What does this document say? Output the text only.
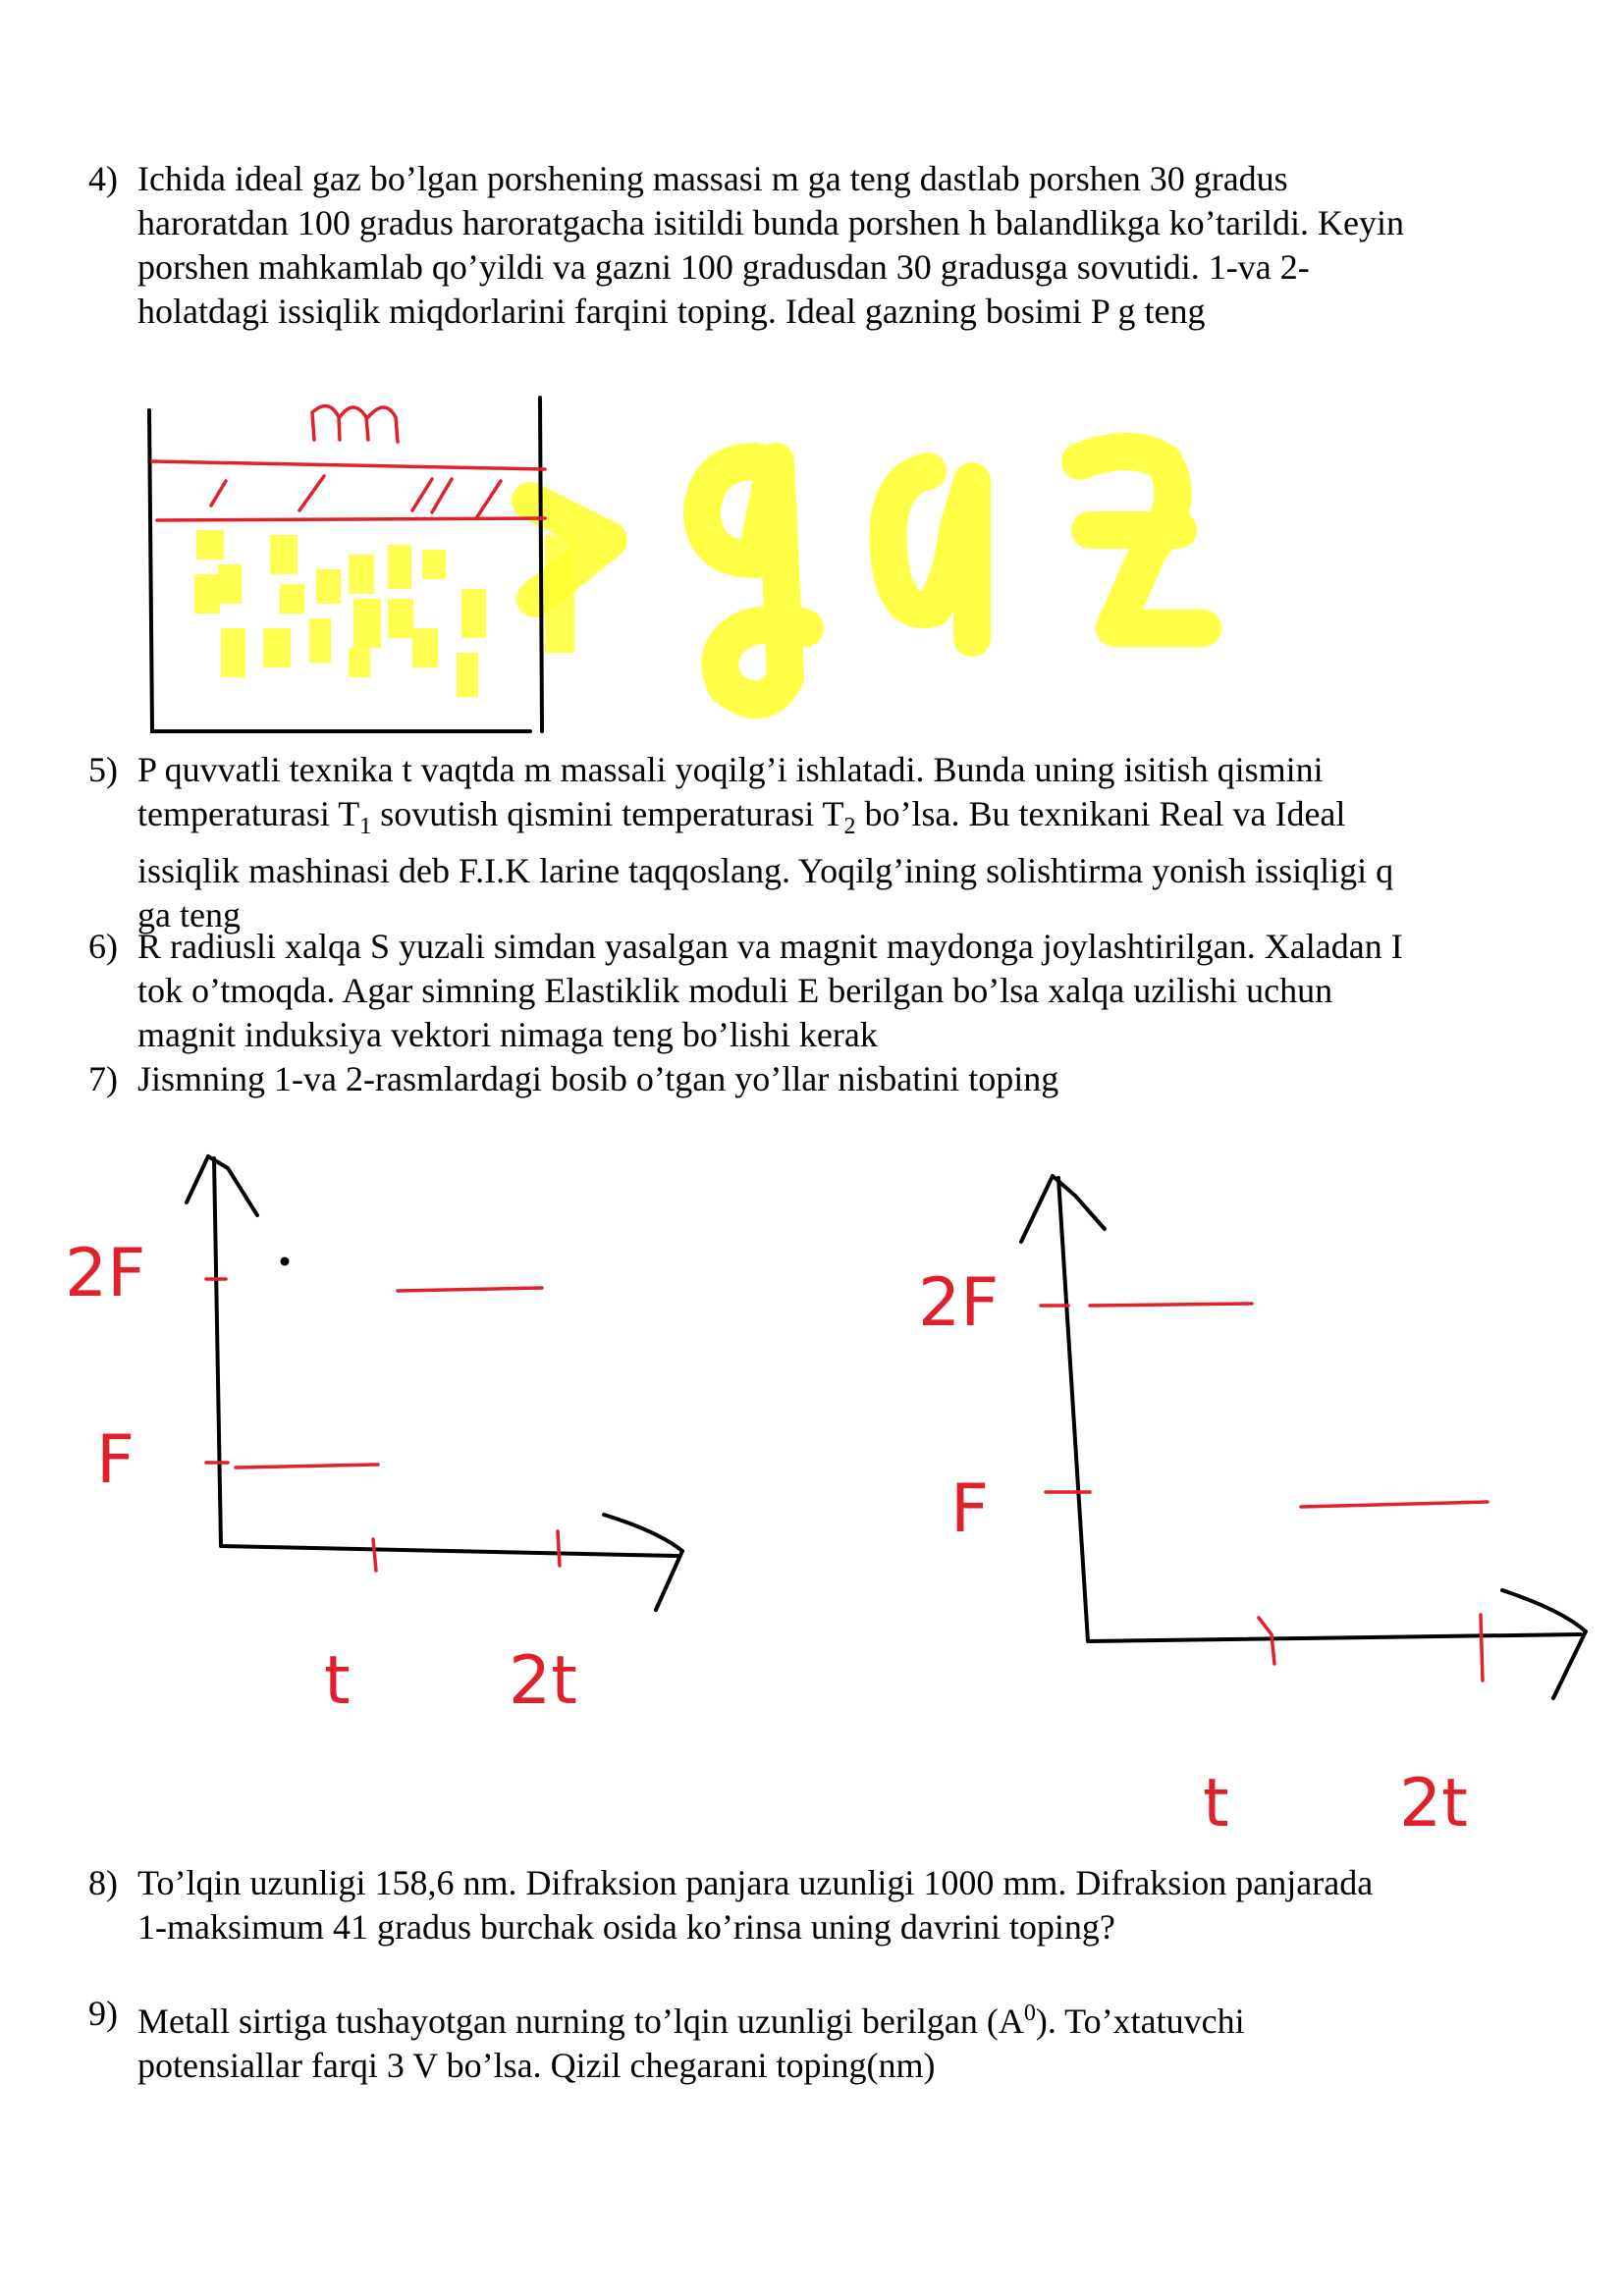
4) Ichida ideal gaz bo’lgan porshening massasi m ga teng dastlab porshen 30 gradus
haroratdan 100 gradus haroratgacha isitildi bunda porshen h balandlikga ko’tarildi. Keyin
porshen mahkamlab qo’yildi va gazni 100 gradusdan 30 gradusga sovutidi. 1-va 2-
holatdagi issiqlik miqdorlarini farqini toping. Ideal gazning bosimi P g teng
5) P quvvatli texnika t vaqtda m massali yoqilg’i ishlatadi. Bunda uning isitish qismini
temperaturasi $T_1$ sovutish qismini temperaturasi $T_2$ bo’lsa. Bu texnikani Real va Ideal
issiqlik mashinasi deb F.I.K larine taqqoslang. Yoqilg’ining solishtirma yonish issiqligi q
ga teng
6) R radiusli xalqa S yuzali simdan yasalgan va magnit maydonga joylashtirilgan. Xaladan I
tok o’tmoqda. Agar simning Elastiklik moduli E berilgan bo’lsa xalqa uzilishi uchun
magnit induksiya vektori nimaga teng bo’lishi kerak
7) Jismning 1-va 2-rasmlardagi bosib o’tgan yo’llar nisbatini toping
2F
F
t 2t
2F
F
t	2t
8) To’lqin uzunligi 158,6 nm. Difraksion panjara uzunligi 1000 mm. Difraksion panjarada
1-maksimum 41 gradus burchak osida ko’rinsa uning davrini toping?
9) Metall sirtiga tushayotgan nurning to’lqin uzunligi berilgan $(A^0)$. To’xtatuvchi
potensiallar farqi 3 V bo’lsa. Qizil chegarani toping(nm)
